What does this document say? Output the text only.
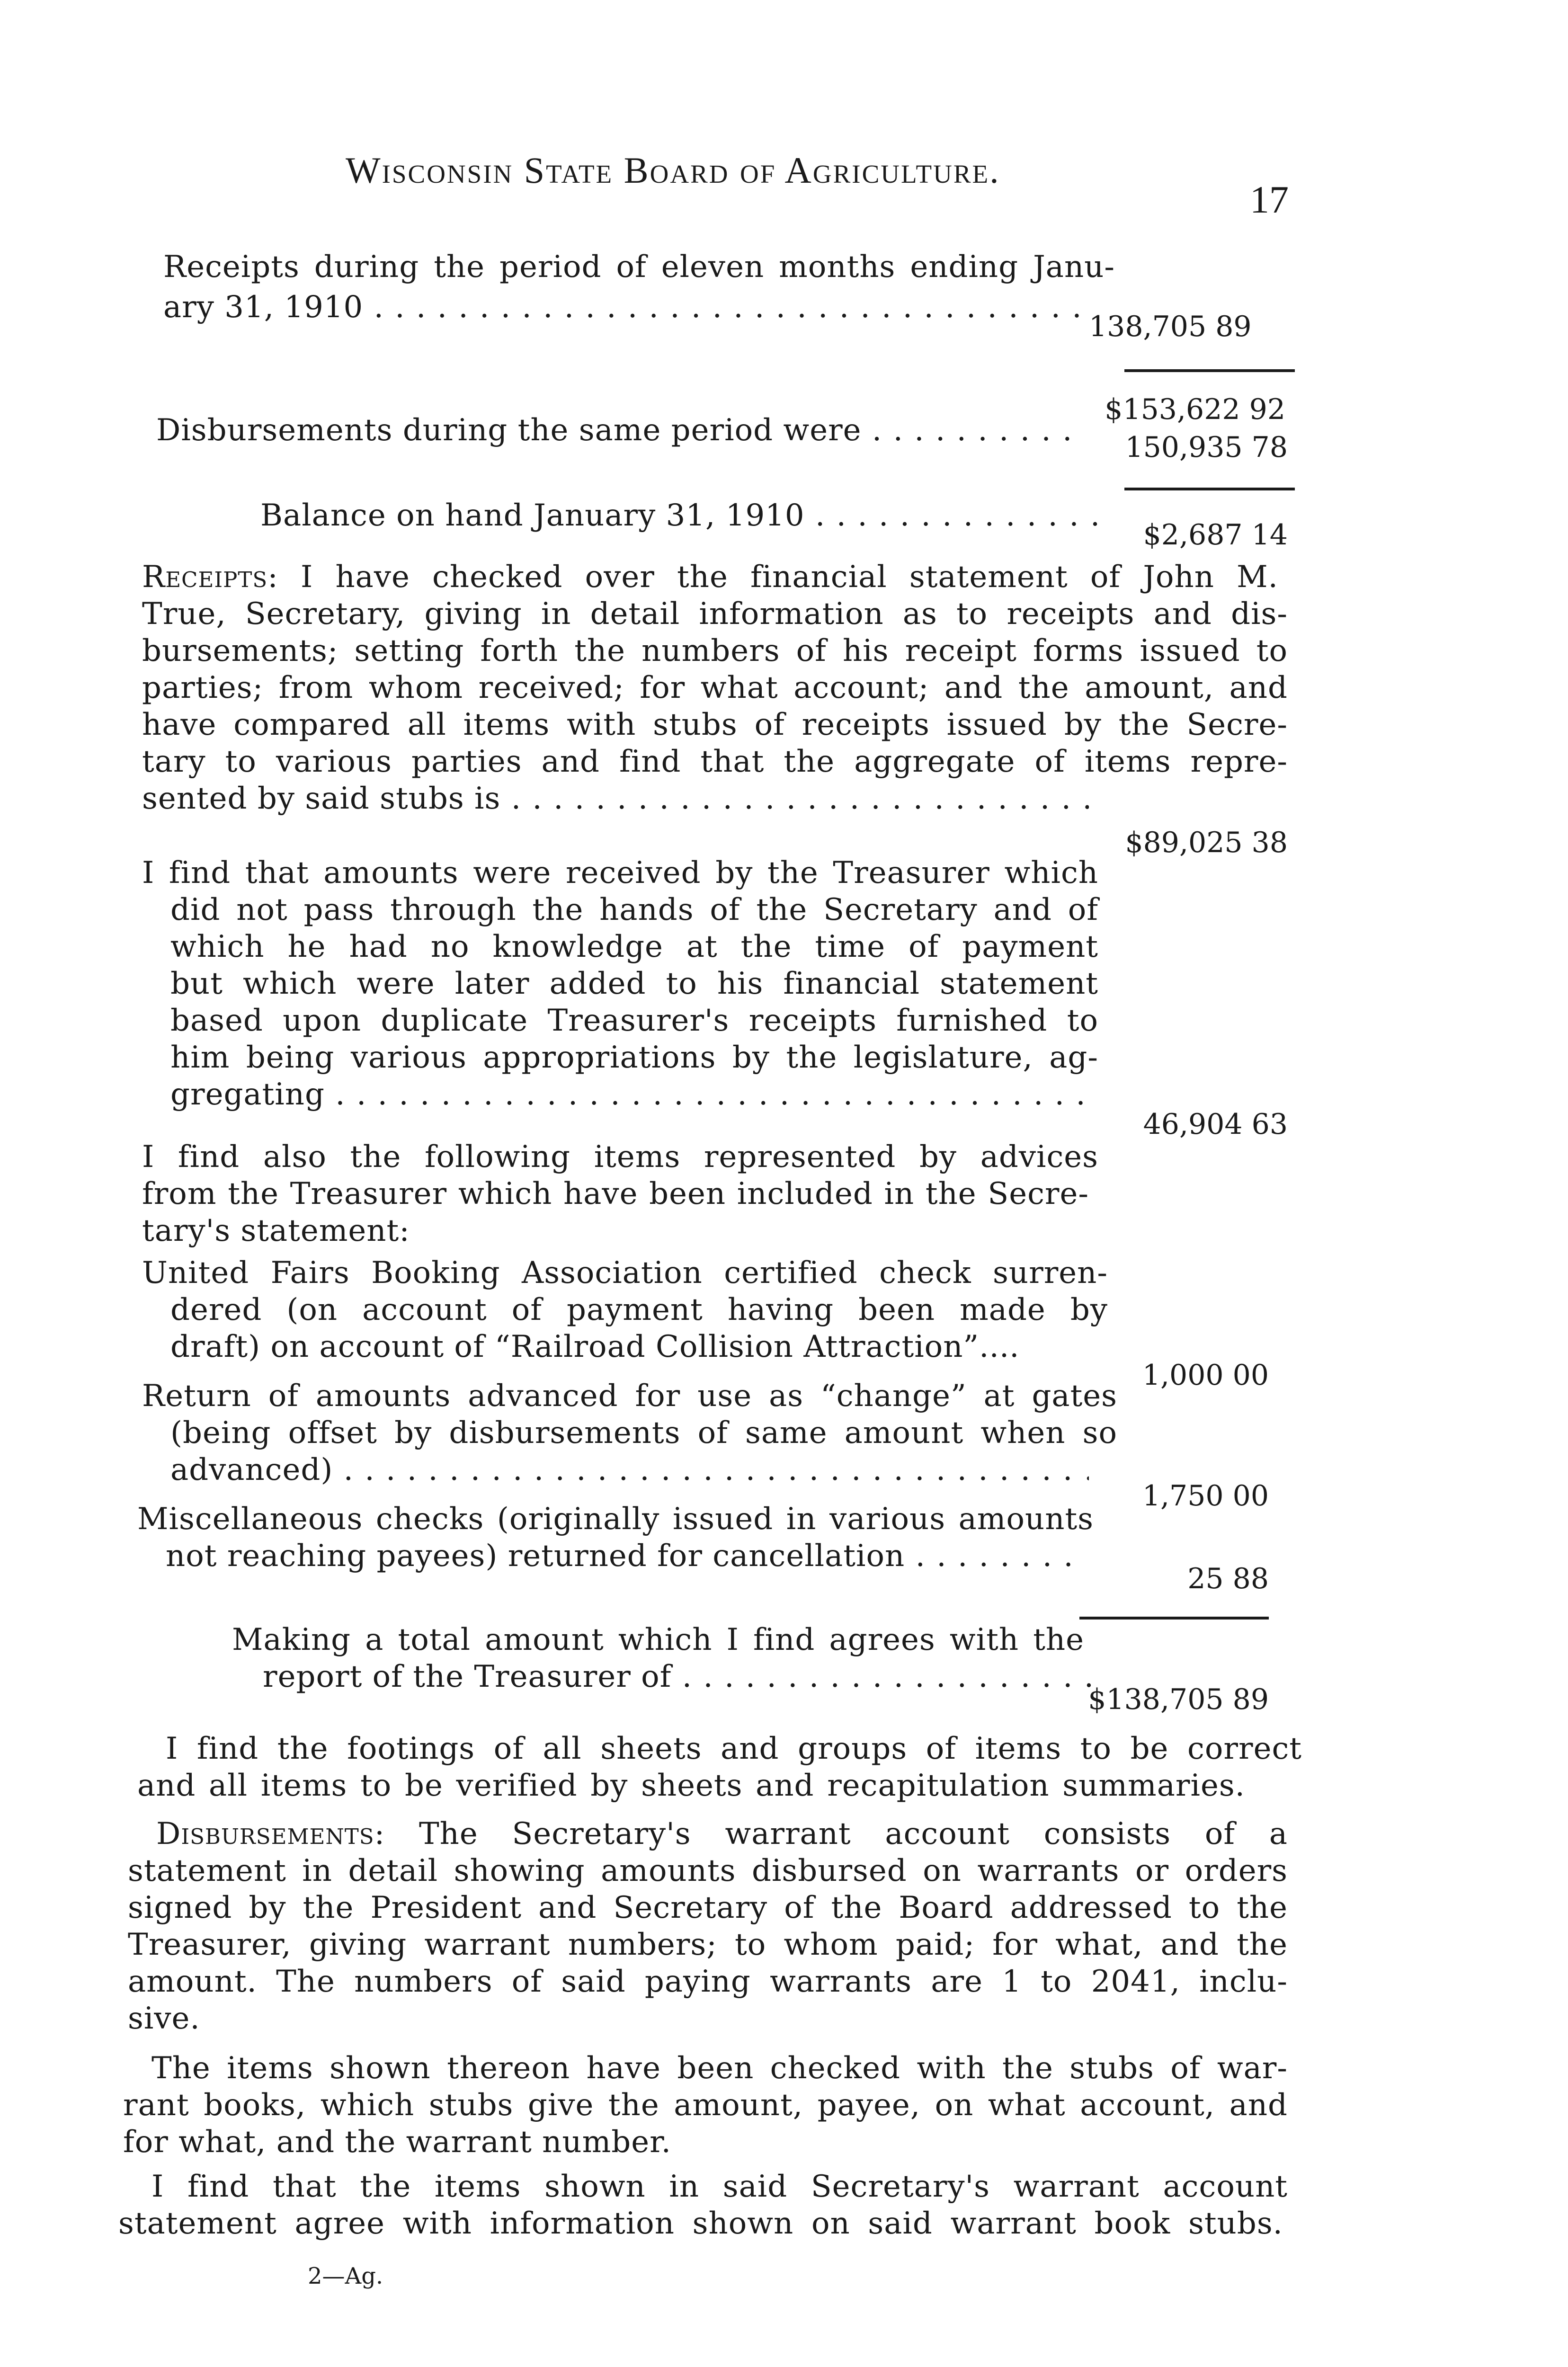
Wisconsin State Board of Agriculture.
17
Receipts during the period of eleven months ending Janu-
ary 31, 1910 . . .
138,705 89
$153,622 92
Disbursements during the same period were . . .	150,935 78
Balance on hand January 31, 1910 . . .
$2,687 14
Receipts: I have checked over the financial statement of John M.
True, Secretary, giving in detail information as to receipts and dis-
bursements; setting forth the numbers of his receipt forms issued to
parties; from whom received; for what account; and the amount, and
have compared all items with stubs of receipts issued by the Secre-
tary to various parties and find that the aggregate of items repre-
sented by said stubs is . . .
$89,025 38
I find that amounts were received by the Treasurer which
did not pass through the hands of the Secretary and of
which he had no knowledge at the time of payment
but which were later added to his financial statement
based upon duplicate Treasurer's receipts furnished to
him being various appropriations by the legislature, ag-
gregating . . .
46,904 63
I find also the following items represented by advices
from the Treasurer which have been included in the Secre-
tary's statement:
United Fairs Booking Association certified check surren-
dered (on account of payment having been made by
draft) on account of “Railroad Collision Attraction”....
1,000 00
Return of amounts advanced for use as “change” at gates
(being offset by disbursements of same amount when so
advanced) . . .
1,750 00
Miscellaneous checks (originally issued in various amounts
not reaching payees) returned for cancellation . . .
25 88
Making a total amount which I find agrees with the
report of the Treasurer of . . .
$138,705 89
I find the footings of all sheets and groups of items to be correct
and all items to be verified by sheets and recapitulation summaries.
Disbursements: The Secretary's warrant account consists of a
statement in detail showing amounts disbursed on warrants or orders
signed by the President and Secretary of the Board addressed to the
Treasurer, giving warrant numbers; to whom paid; for what, and the
amount. The numbers of said paying warrants are 1 to 2041, inclu-
sive.
The items shown thereon have been checked with the stubs of war-
rant books, which stubs give the amount, payee, on what account, and
for what, and the warrant number.
I find that the items shown in said Secretary's warrant account
statement agree with information shown on said warrant book stubs.
2—Ag.
